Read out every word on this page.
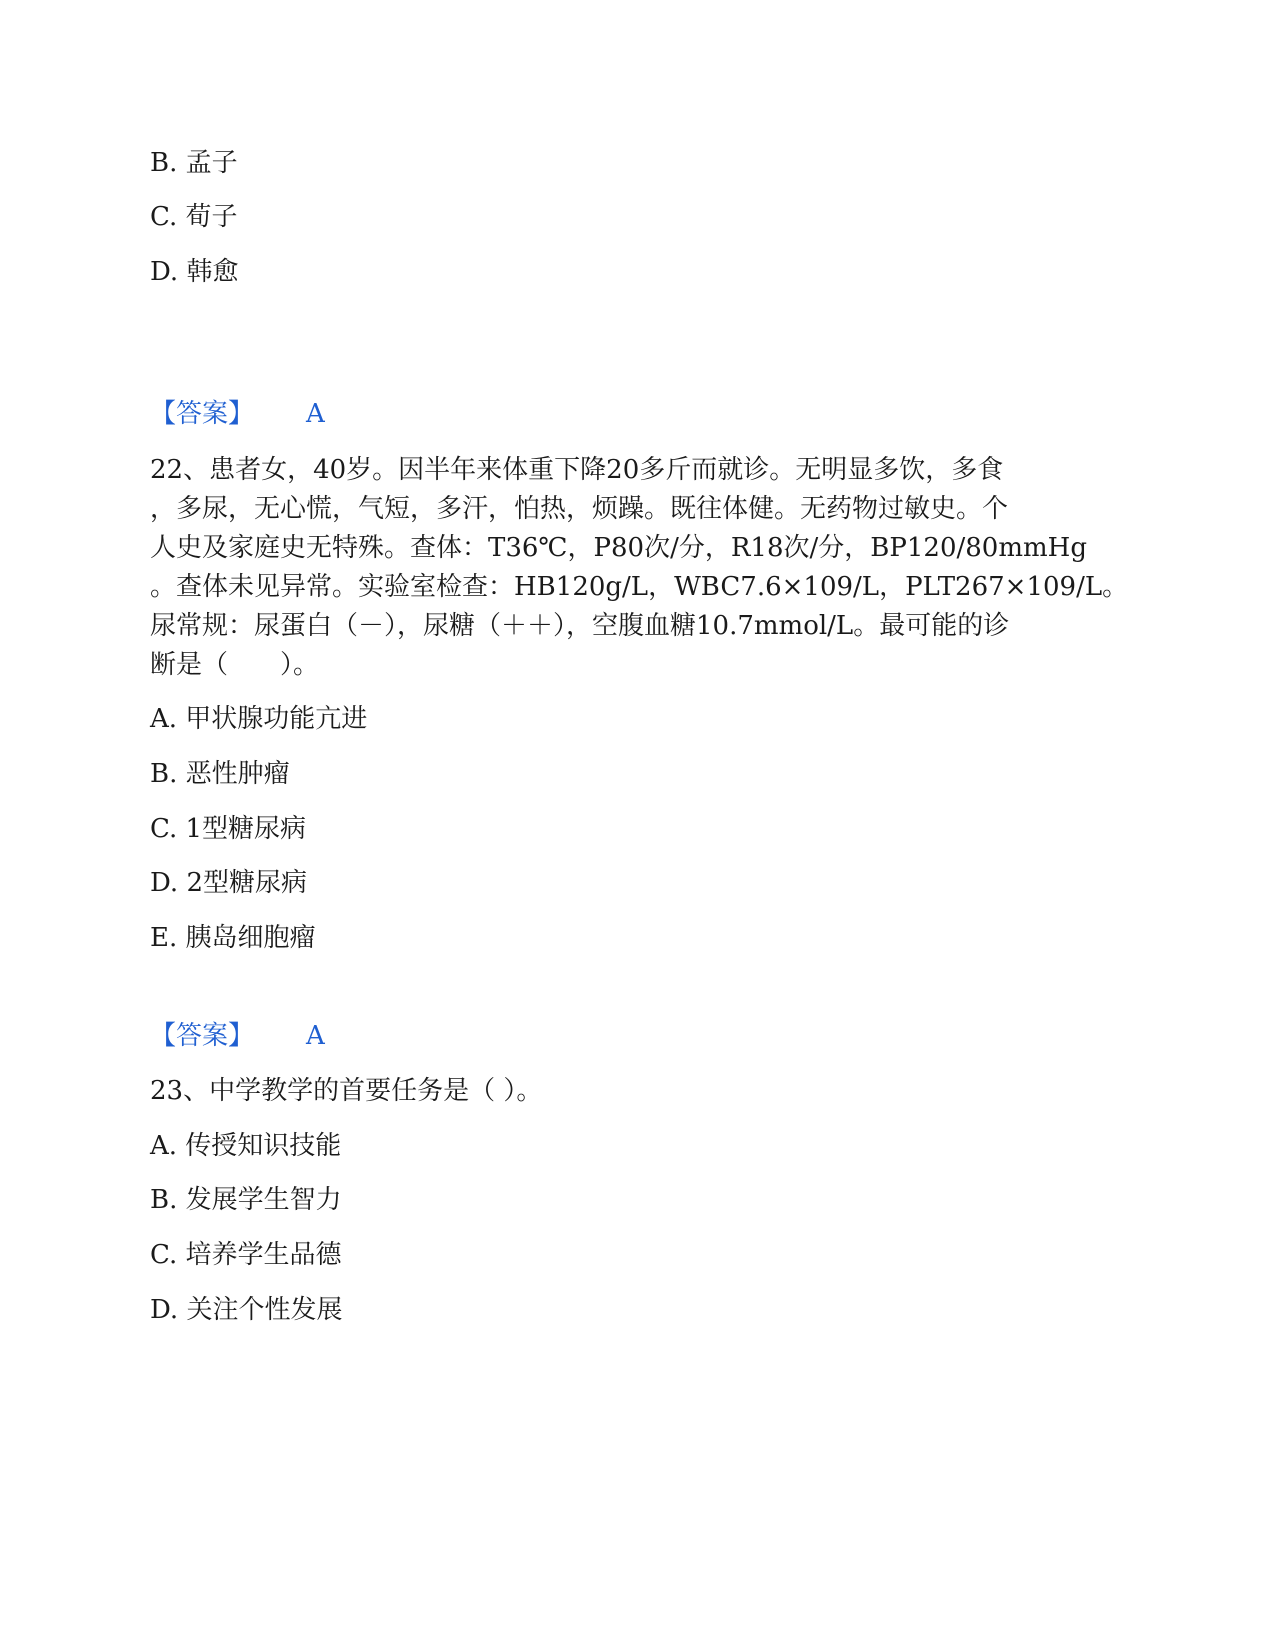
B. 孟子
C. 荀子
D. 韩愈
【答案】 A
22、患者女，40岁。因半年来体重下降20多斤而就诊。无明显多饮，多食
，多尿，无心慌，气短，多汗，怕热，烦躁。既往体健。无药物过敏史。个
人史及家庭史无特殊。查体：T36℃，P80次/分，R18次/分，BP120/80mmHg
。查体未见异常。实验室检查：HB120g/L，WBC7.6×109/L，PLT267×109/L。
尿常规：尿蛋白（－），尿糖（＋＋），空腹血糖10.7mmol/L。最可能的诊
断是（　　）。
A. 甲状腺功能亢进
B. 恶性肿瘤
C. 1型糖尿病
D. 2型糖尿病
E. 胰岛细胞瘤
【答案】 A
23、中学教学的首要任务是（ ）。
A. 传授知识技能
B. 发展学生智力
C. 培养学生品德
D. 关注个性发展
